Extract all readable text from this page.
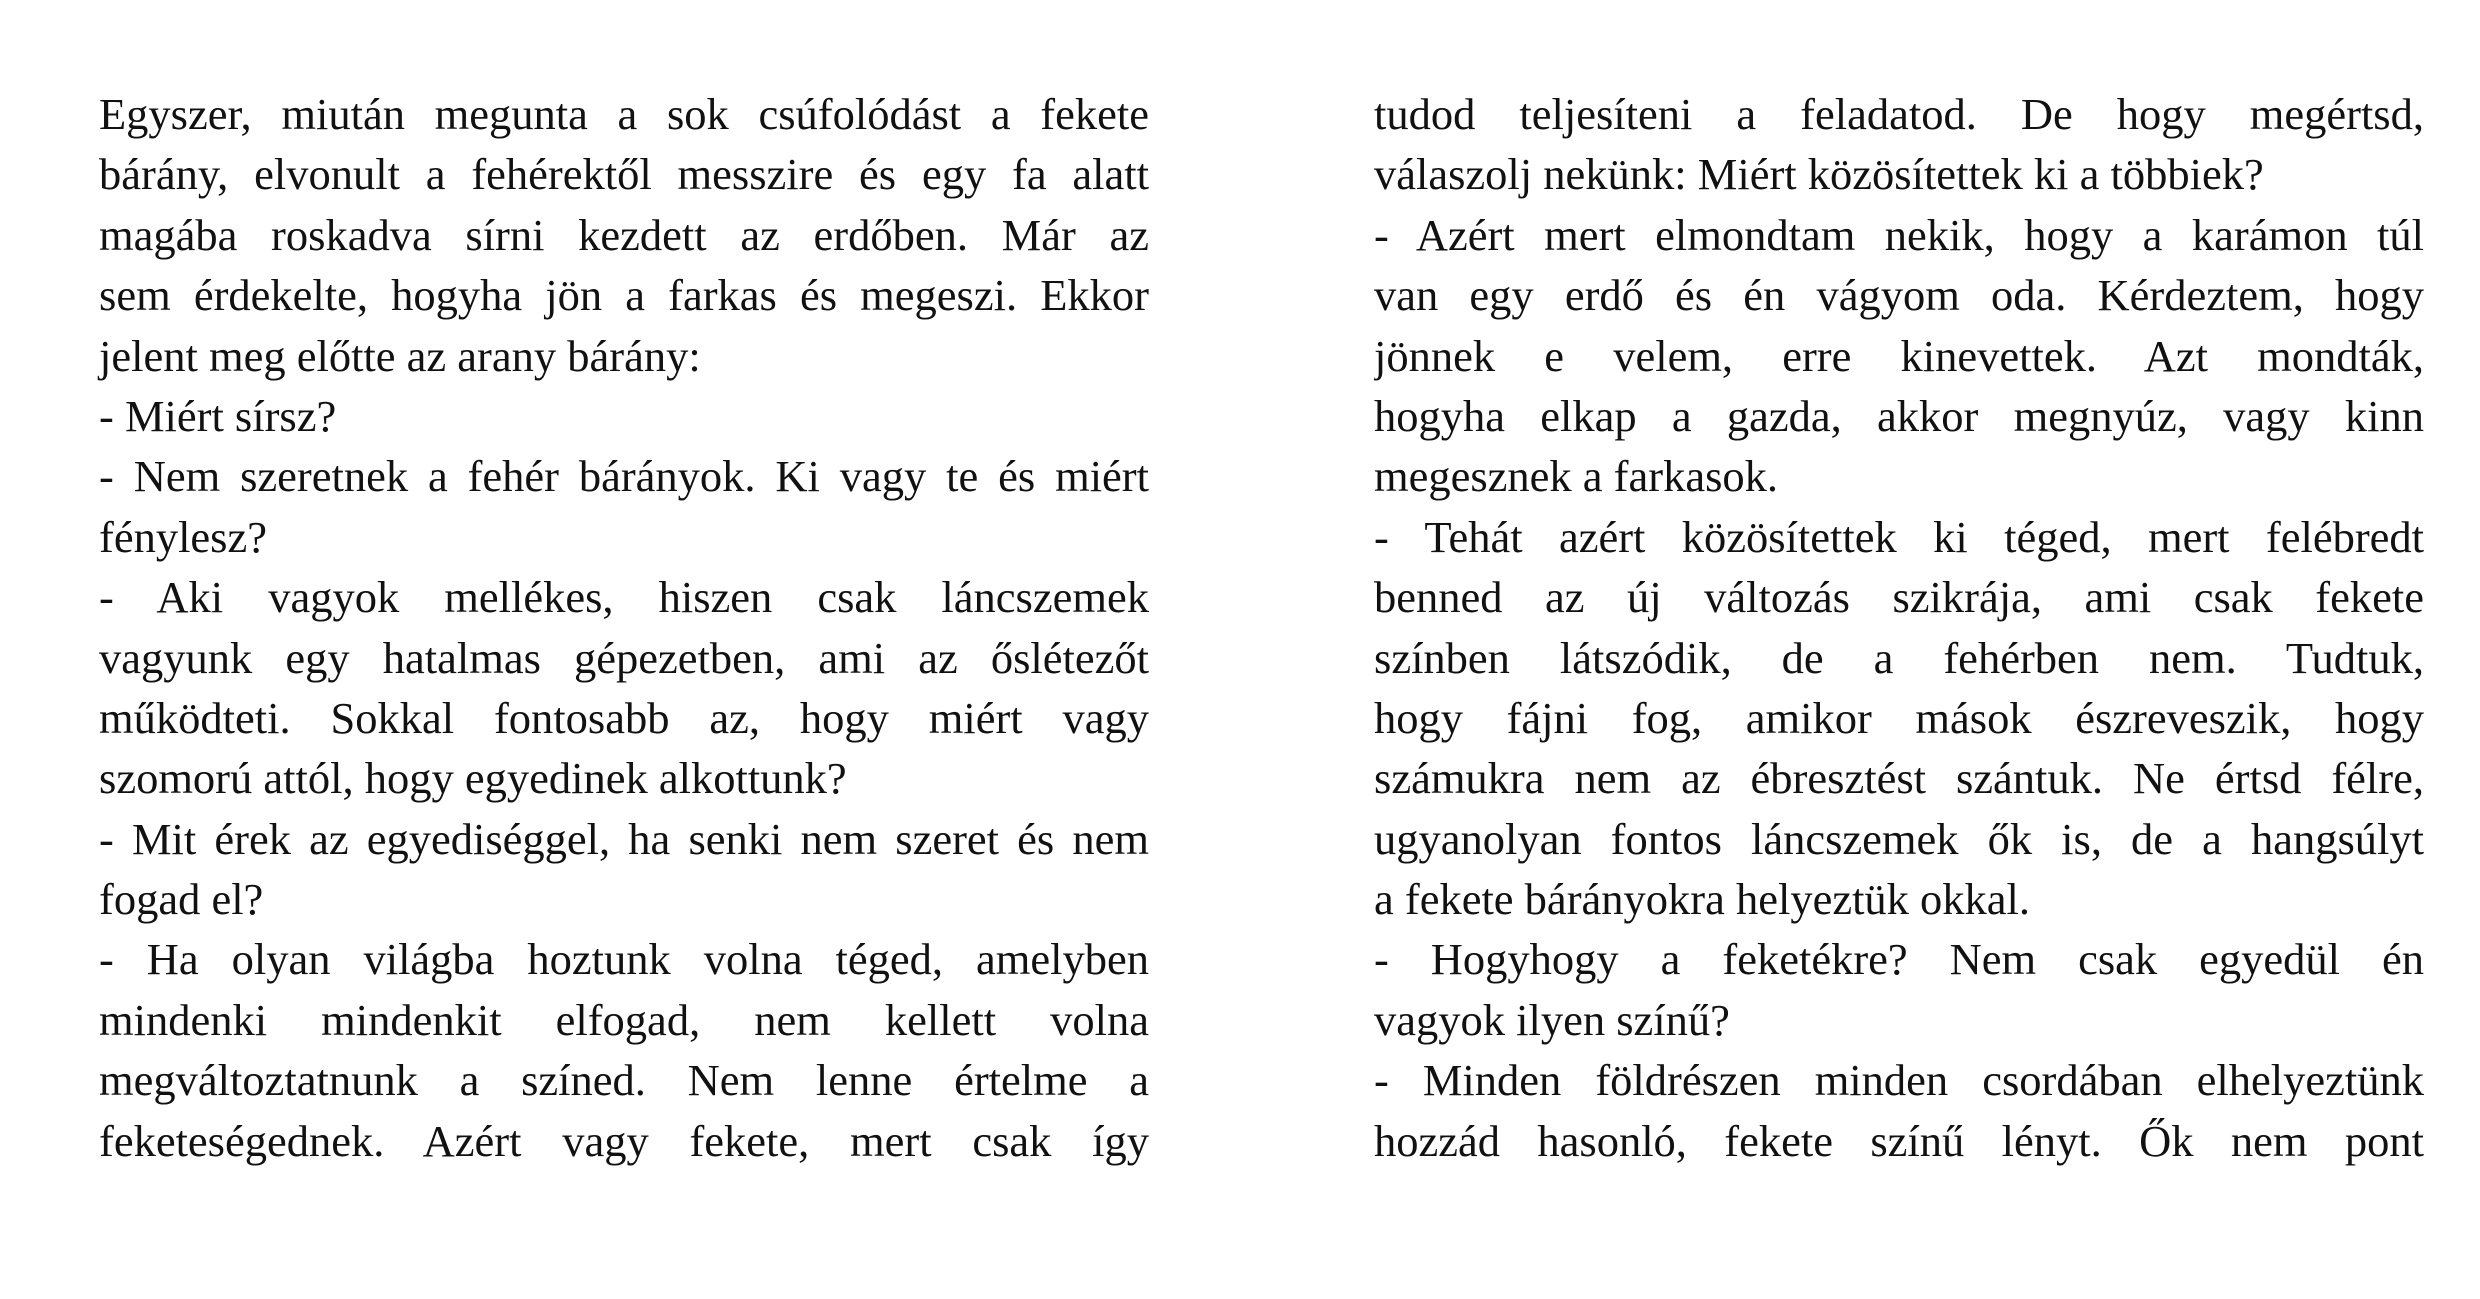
Egyszer, miután megunta a sok csúfolódást a fekete
bárány, elvonult a fehérektől messzire és egy fa alatt
magába roskadva sírni kezdett az erdőben. Már az
sem érdekelte, hogyha jön a farkas és megeszi. Ekkor
jelent meg előtte az arany bárány:
- Miért sírsz?
- Nem szeretnek a fehér bárányok. Ki vagy te és miért
fénylesz?
- Aki vagyok mellékes, hiszen csak láncszemek
vagyunk egy hatalmas gépezetben, ami az őslétezőt
működteti. Sokkal fontosabb az, hogy miért vagy
szomorú attól, hogy egyedinek alkottunk?
- Mit érek az egyediséggel, ha senki nem szeret és nem
fogad el?
- Ha olyan világba hoztunk volna téged, amelyben
mindenki mindenkit elfogad, nem kellett volna
megváltoztatnunk a színed. Nem lenne értelme a
feketeségednek. Azért vagy fekete, mert csak így
tudod teljesíteni a feladatod. De hogy megértsd,
válaszolj nekünk: Miért közösítettek ki a többiek?
- Azért mert elmondtam nekik, hogy a karámon túl
van egy erdő és én vágyom oda. Kérdeztem, hogy
jönnek e velem, erre kinevettek. Azt mondták,
hogyha elkap a gazda, akkor megnyúz, vagy kinn
megesznek a farkasok.
- Tehát azért közösítettek ki téged, mert felébredt
benned az új változás szikrája, ami csak fekete
színben látszódik, de a fehérben nem. Tudtuk,
hogy fájni fog, amikor mások észreveszik, hogy
számukra nem az ébresztést szántuk. Ne értsd félre,
ugyanolyan fontos láncszemek ők is, de a hangsúlyt
a fekete bárányokra helyeztük okkal.
- Hogyhogy a feketékre? Nem csak egyedül én
vagyok ilyen színű?
- Minden földrészen minden csordában elhelyeztünk
hozzád hasonló, fekete színű lényt. Ők nem pont
